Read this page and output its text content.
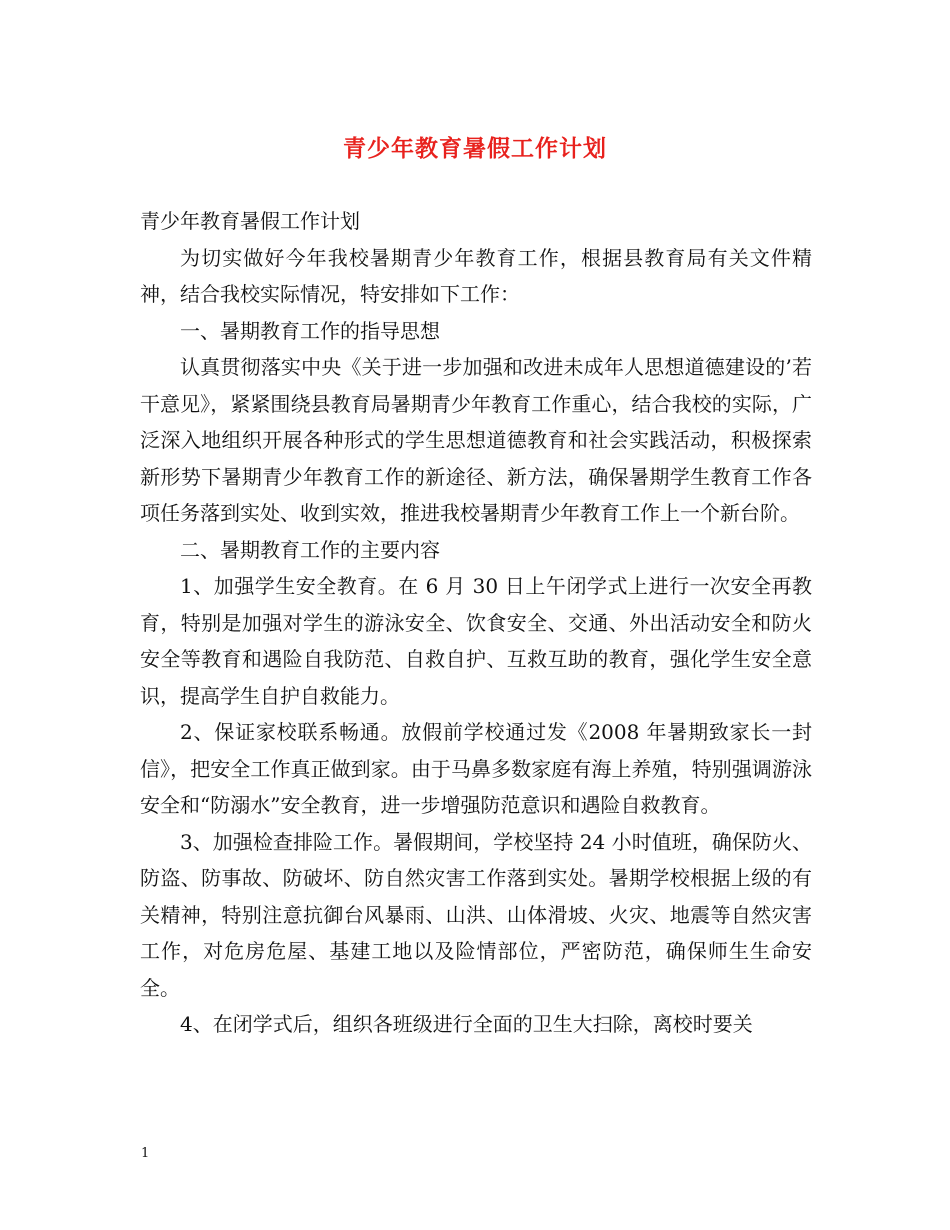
青少年教育暑假工作计划

青少年教育暑假工作计划

为切实做好今年我校暑期青少年教育工作，根据县教育局有关文件精神，结合我校实际情况，特安排如下工作：

一、暑期教育工作的指导思想

认真贯彻落实中央《关于进一步加强和改进未成年人思想道德建设的’若干意见》，紧紧围绕县教育局暑期青少年教育工作重心，结合我校的实际，广泛深入地组织开展各种形式的学生思想道德教育和社会实践活动，积极探索新形势下暑期青少年教育工作的新途径、新方法，确保暑期学生教育工作各项任务落到实处、收到实效，推进我校暑期青少年教育工作上一个新台阶。

二、暑期教育工作的主要内容

1、加强学生安全教育。在 6 月 30 日上午闭学式上进行一次安全再教育，特别是加强对学生的游泳安全、饮食安全、交通、外出活动安全和防火安全等教育和遇险自我防范、自救自护、互救互助的教育，强化学生安全意识，提高学生自护自救能力。

2、保证家校联系畅通。放假前学校通过发《2008 年暑期致家长一封信》，把安全工作真正做到家。由于马鼻多数家庭有海上养殖，特别强调游泳安全和“防溺水”安全教育，进一步增强防范意识和遇险自救教育。

3、加强检查排险工作。暑假期间，学校坚持 24 小时值班，确保防火、防盗、防事故、防破坏、防自然灾害工作落到实处。暑期学校根据上级的有关精神，特别注意抗御台风暴雨、山洪、山体滑坡、火灾、地震等自然灾害工作，对危房危屋、基建工地以及险情部位，严密防范，确保师生生命安全。

4、在闭学式后，组织各班级进行全面的卫生大扫除，离校时要关

1
